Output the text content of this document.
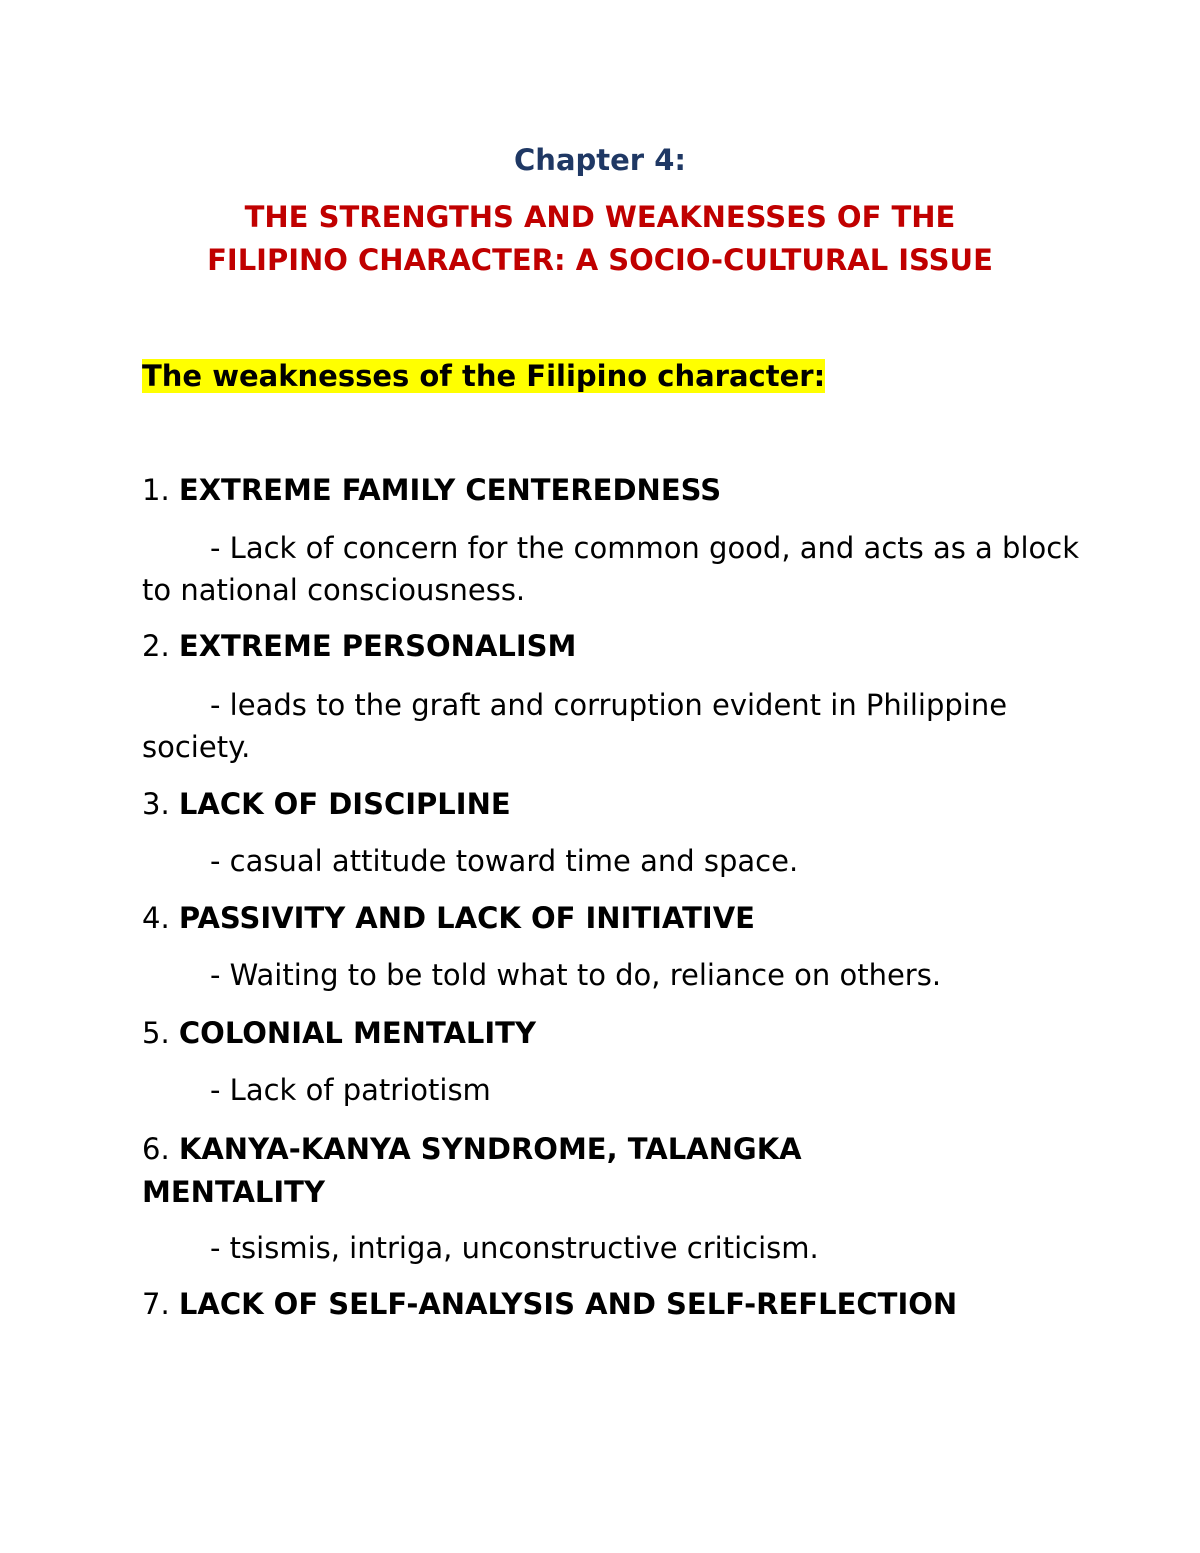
Chapter 4:
THE STRENGTHS AND WEAKNESSES OF THE
FILIPINO CHARACTER: A SOCIO-CULTURAL ISSUE
The weaknesses of the Filipino character:
1. EXTREME FAMILY CENTEREDNESS
- Lack of concern for the common good, and acts as a block to national consciousness.
2. EXTREME PERSONALISM
- leads to the graft and corruption evident in Philippine society.
3. LACK OF DISCIPLINE
- casual attitude toward time and space.
4. PASSIVITY AND LACK OF INITIATIVE
- Waiting to be told what to do, reliance on others.
5. COLONIAL MENTALITY
- Lack of patriotism
6. KANYA-KANYA SYNDROME, TALANGKA MENTALITY
- tsismis, intriga, unconstructive criticism.
7. LACK OF SELF-ANALYSIS AND SELF-REFLECTION
